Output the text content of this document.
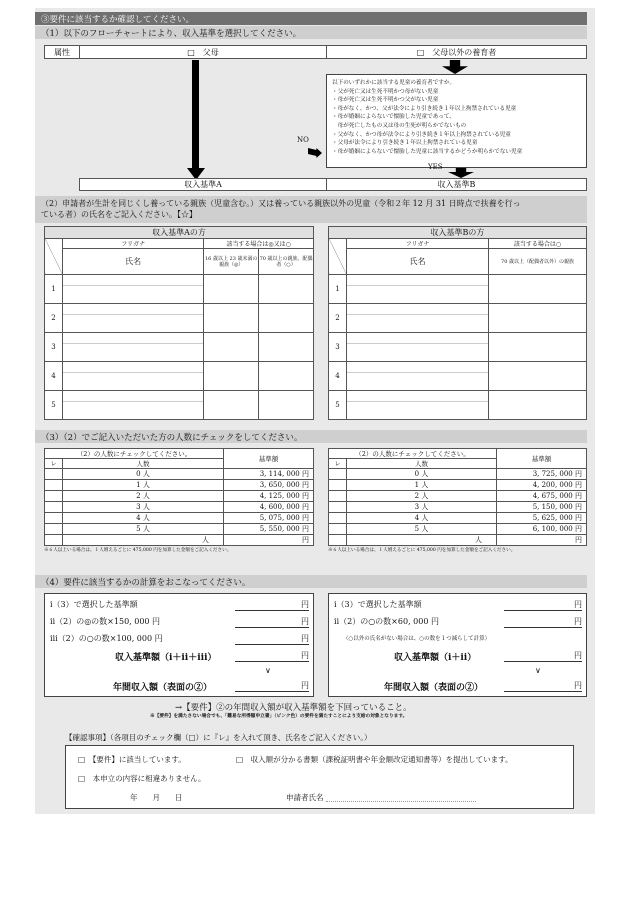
③要件に該当するか確認してください。
（1）以下のフローチャートにより、収入基準を選択してください。
属性	□　父母	□　父母以外の養育者
以下のいずれかに該当する児童の養育者ですか。
・父が死亡又は生死不明かつ母がない児童
・母が死亡又は生死不明かつ父がない児童
・母がなく、かつ、父が法令により引き続き１年以上拘禁されている児童
・母が婚姻によらないで懐胎した児童であって、
　母が死亡したもの又は母の生死が明らかでないもの
・父がなく、かつ母が法令により引き続き１年以上拘禁されている児童
・父母が法令により引き続き１年以上拘禁されている児童
・母が婚姻によらないで懐胎した児童に該当するかどうか明らかでない児童
NO
YES
収入基準A	収入基準B
（2）申請者が生計を同じくし養っている親族（児童含む。）又は養っている親族以外の児童（令和２年 12 月 31 日時点で扶養を行っ
ている者）の氏名をご記入ください。【☆】
収入基準Aの方			
	フリガナ	該当する場合は◎又は○	
	氏名	16 歳以上 23 歳未満の親族（◎）	70 歳以上の親族、配偶者（○）
1			
2			
3			
4			
5			
収入基準Bの方		
	フリガナ	該当する場合は○
	氏名	70 歳以上（配偶者以外）の親族
1		
2		
3		
4		
5		
（3）（2）でご記入いただいた方の人数にチェックをしてください。
（2）の人数にチェックしてください。		基準額
レ	人数	
	0 人	3, 114, 000 円
	1 人	3, 650, 000 円
	2 人	4, 125, 000 円
	3 人	4, 600, 000 円
	4 人	5, 075, 000 円
	5 人	5, 550, 000 円
	人	円
※６人以上いる場合は、１人増えるごとに 475,000 円を加算した金額をご記入ください。
（2）の人数にチェックしてください。		基準額
レ	人数	
	0 人	3, 725, 000 円
	1 人	4, 200, 000 円
	2 人	4, 675, 000 円
	3 人	5, 150, 000 円
	4 人	5, 625, 000 円
	5 人	6, 100, 000 円
	人	円
※６人以上いる場合は、１人増えるごとに 475,000 円を加算した金額をご記入ください。
（4）要件に該当するかの計算をおこなってください。
ⅰ（3）で選択した基準額	円
ⅱ（2）の◎の数×150, 000 円	円
ⅲ（2）の○の数×100, 000 円	円
収入基準額（ⅰ＋ⅱ＋ⅲ）	円
∨
年間収入額（表面の②）	円
ⅰ（3）で選択した基準額	円
ⅱ（2）の○の数×60, 000 円	円
（○以外の氏名がない場合は、○の数を１つ減らして計算）
収入基準額（ⅰ＋ⅱ）	円
∨
年間収入額（表面の②）	円
→【要件】②の年間収入額が収入基準額を下回っていること。
※【要件】を満たさない場合でも、「難易な所得額申立書」（ピンク色）の要件を満たすことにより支給の対象となります。
【確認事項】（各項目のチェック欄（□）に『レ』を入れて頂き、氏名をご記入ください。）
□　【要件】に該当しています。	□　収入額が分かる書類（課税証明書や年金額改定通知書等）を提出しています。
□　本申立の内容に相違ありません。
年　　月　　日	申請者氏名
